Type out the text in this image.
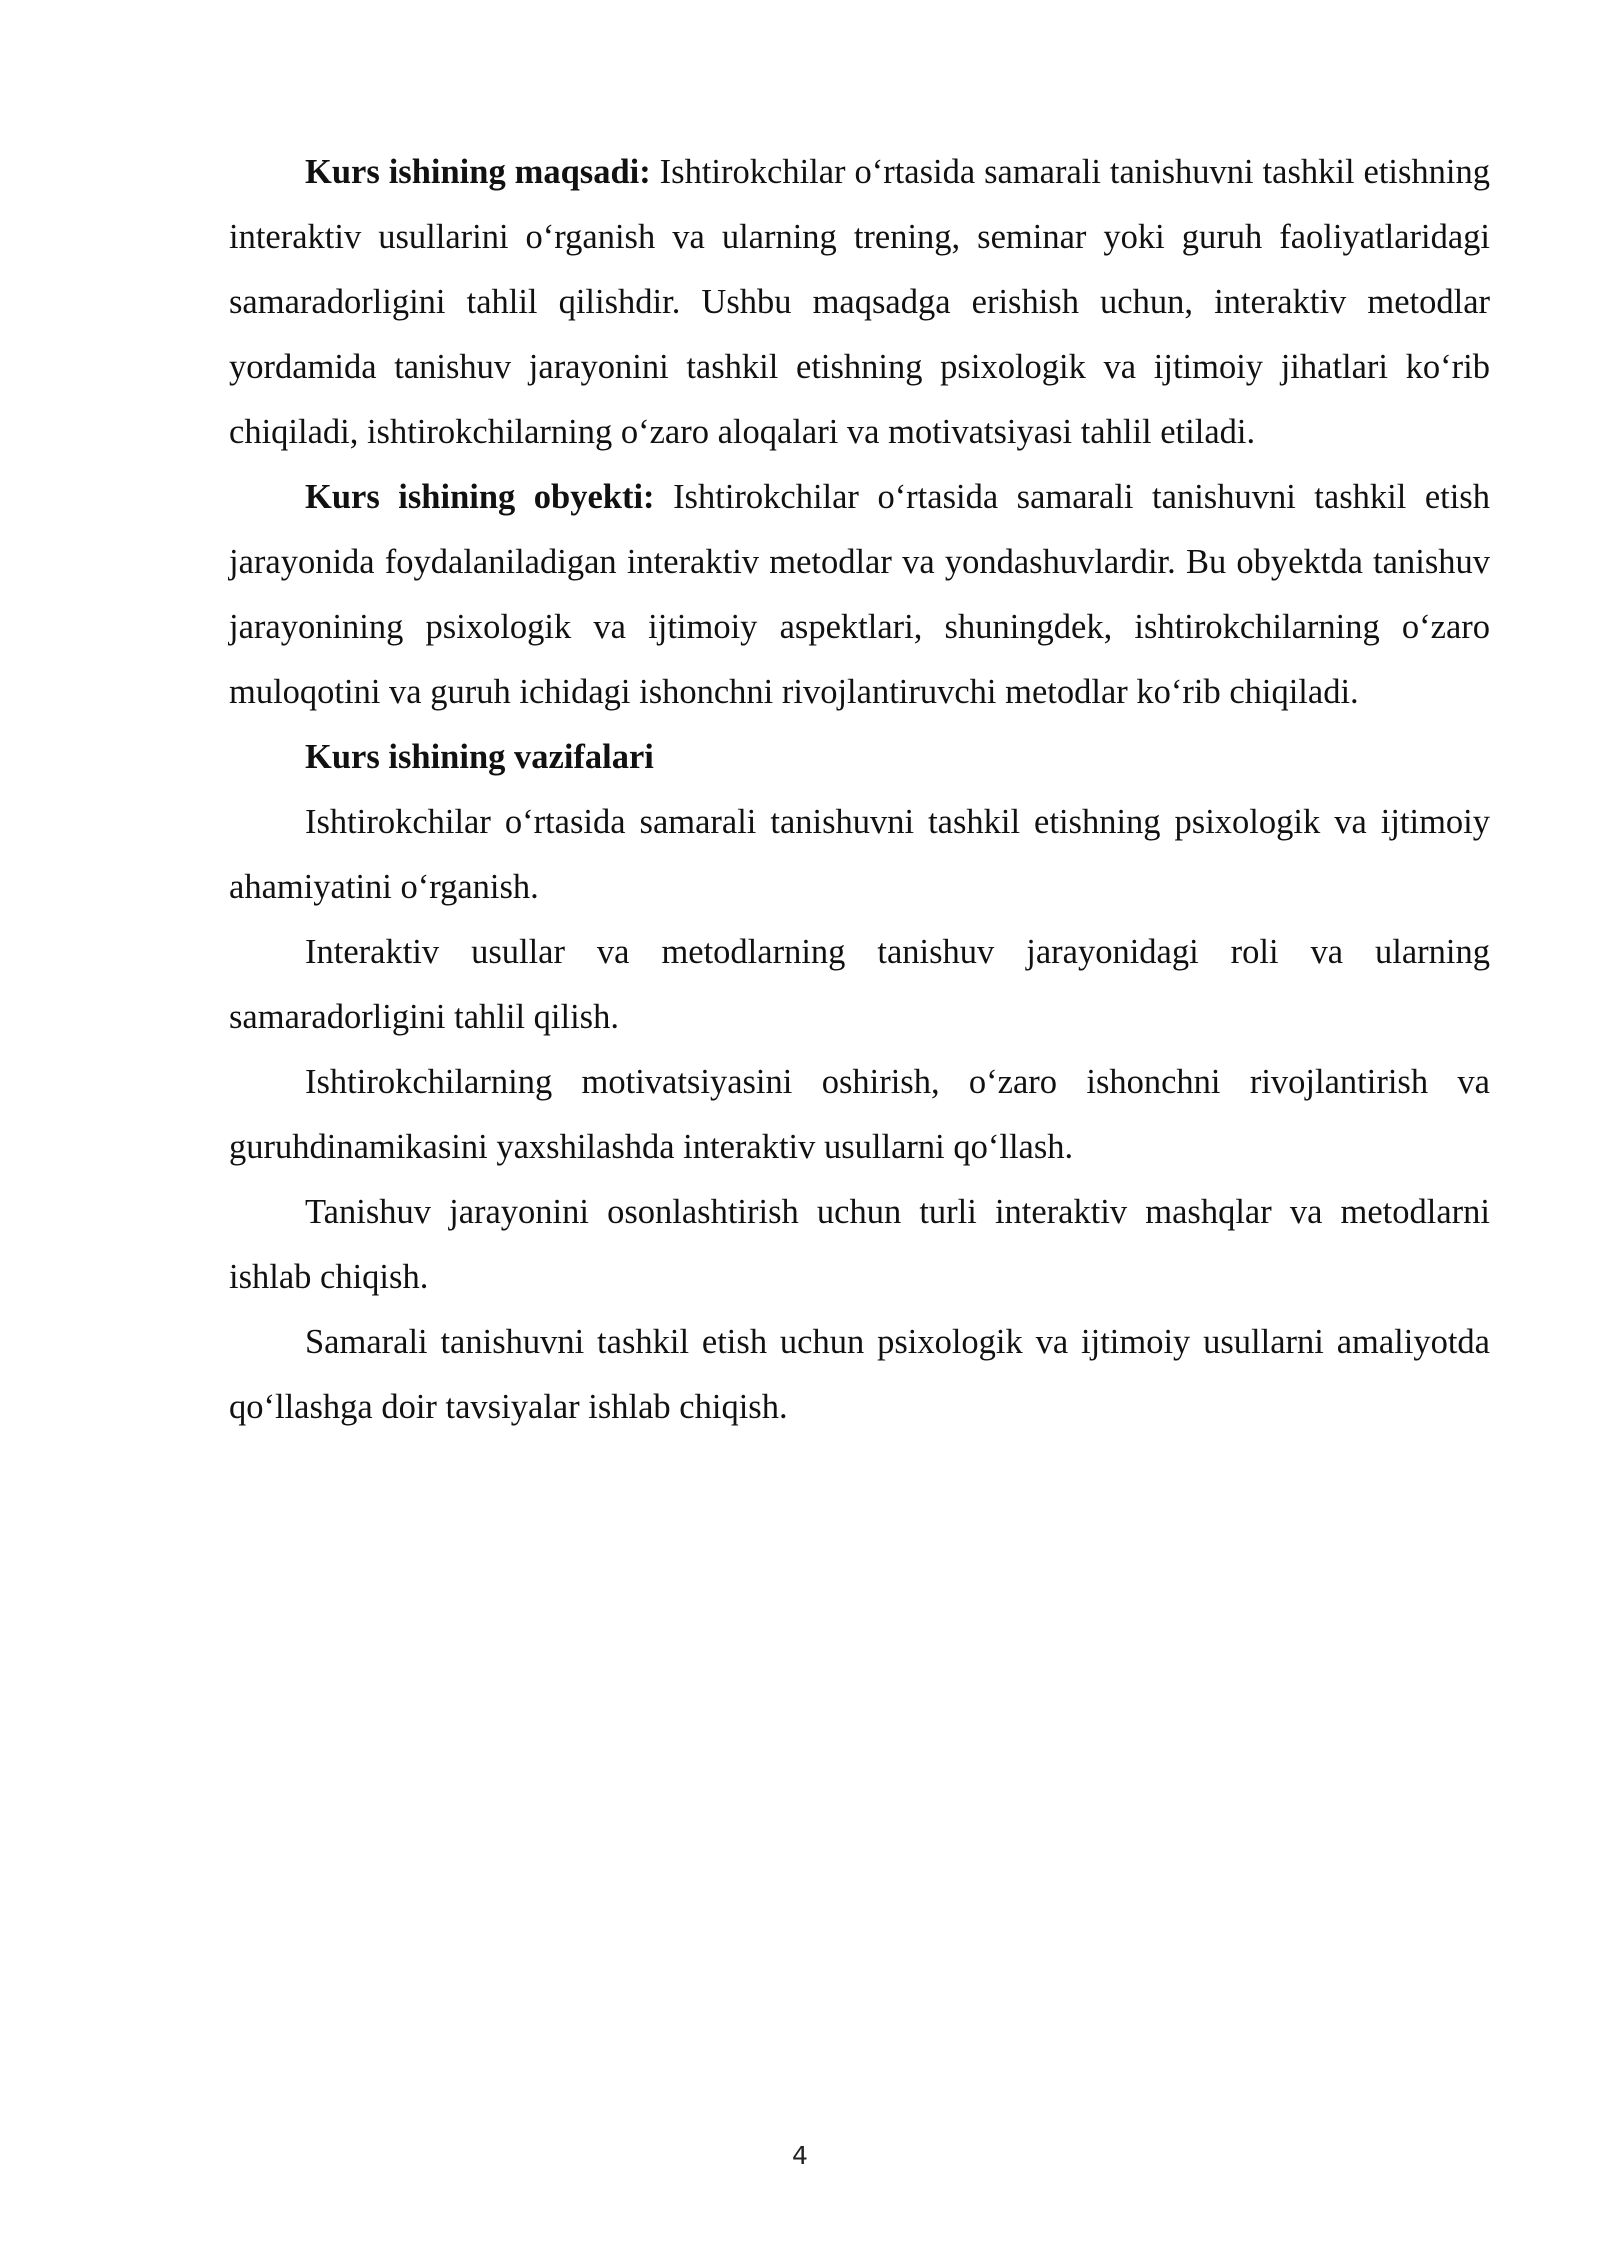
Kurs ishining maqsadi: Ishtirokchilar o‘rtasida samarali tanishuvni tashkil etishning interaktiv usullarini o‘rganish va ularning trening, seminar yoki guruh faoliyatlaridagi samaradorligini tahlil qilishdir. Ushbu maqsadga erishish uchun, interaktiv metodlar yordamida tanishuv jarayonini tashkil etishning psixologik va ijtimoiy jihatlari ko‘rib chiqiladi, ishtirokchilarning o‘zaro aloqalari va motivatsiyasi tahlil etiladi.

Kurs ishining obyekti: Ishtirokchilar o‘rtasida samarali tanishuvni tashkil etish jarayonida foydalaniladigan interaktiv metodlar va yondashuvlardir. Bu obyektda tanishuv jarayonining psixologik va ijtimoiy aspektlari, shuningdek, ishtirokchilarning o‘zaro muloqotini va guruh ichidagi ishonchni rivojlantiruvchi metodlar ko‘rib chiqiladi.

Kurs ishining vazifalari

Ishtirokchilar o‘rtasida samarali tanishuvni tashkil etishning psixologik va ijtimoiy ahamiyatini o‘rganish.

Interaktiv usullar va metodlarning tanishuv jarayonidagi roli va ularning samaradorligini tahlil qilish.

Ishtirokchilarning motivatsiyasini oshirish, o‘zaro ishonchni rivojlantirish va guruhdinamikasini yaxshilashda interaktiv usullarni qo‘llash.

Tanishuv jarayonini osonlashtirish uchun turli interaktiv mashqlar va metodlarni ishlab chiqish.

Samarali tanishuvni tashkil etish uchun psixologik va ijtimoiy usullarni amaliyotda qo‘llashga doir tavsiyalar ishlab chiqish.

4
